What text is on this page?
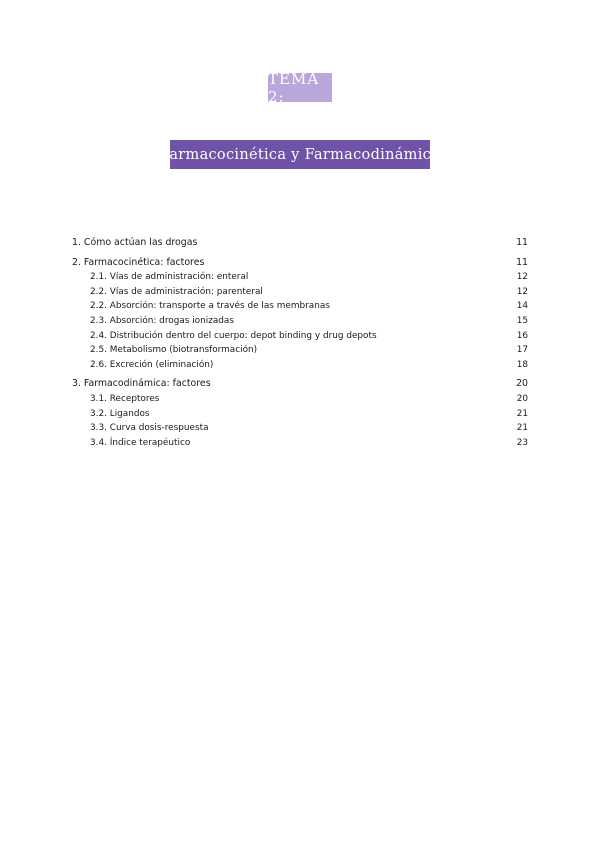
TEMA 2:
Farmacocinética y Farmacodinámica
1. Cómo actúan las drogas	11
2. Farmacocinética: factores	11
2.1. Vías de administración: enteral	12
2.2. Vías de administración: parenteral	12
2.2. Absorción: transporte a través de las membranas	14
2.3. Absorción: drogas ionizadas	15
2.4. Distribución dentro del cuerpo: depot binding y drug depots	16
2.5. Metabolismo (biotransformación)	17
2.6. Excreción (eliminación)	18
3. Farmacodinámica: factores	20
3.1. Receptores	20
3.2. Ligandos	21
3.3. Curva dosis-respuesta	21
3.4. Índice terapéutico	23
